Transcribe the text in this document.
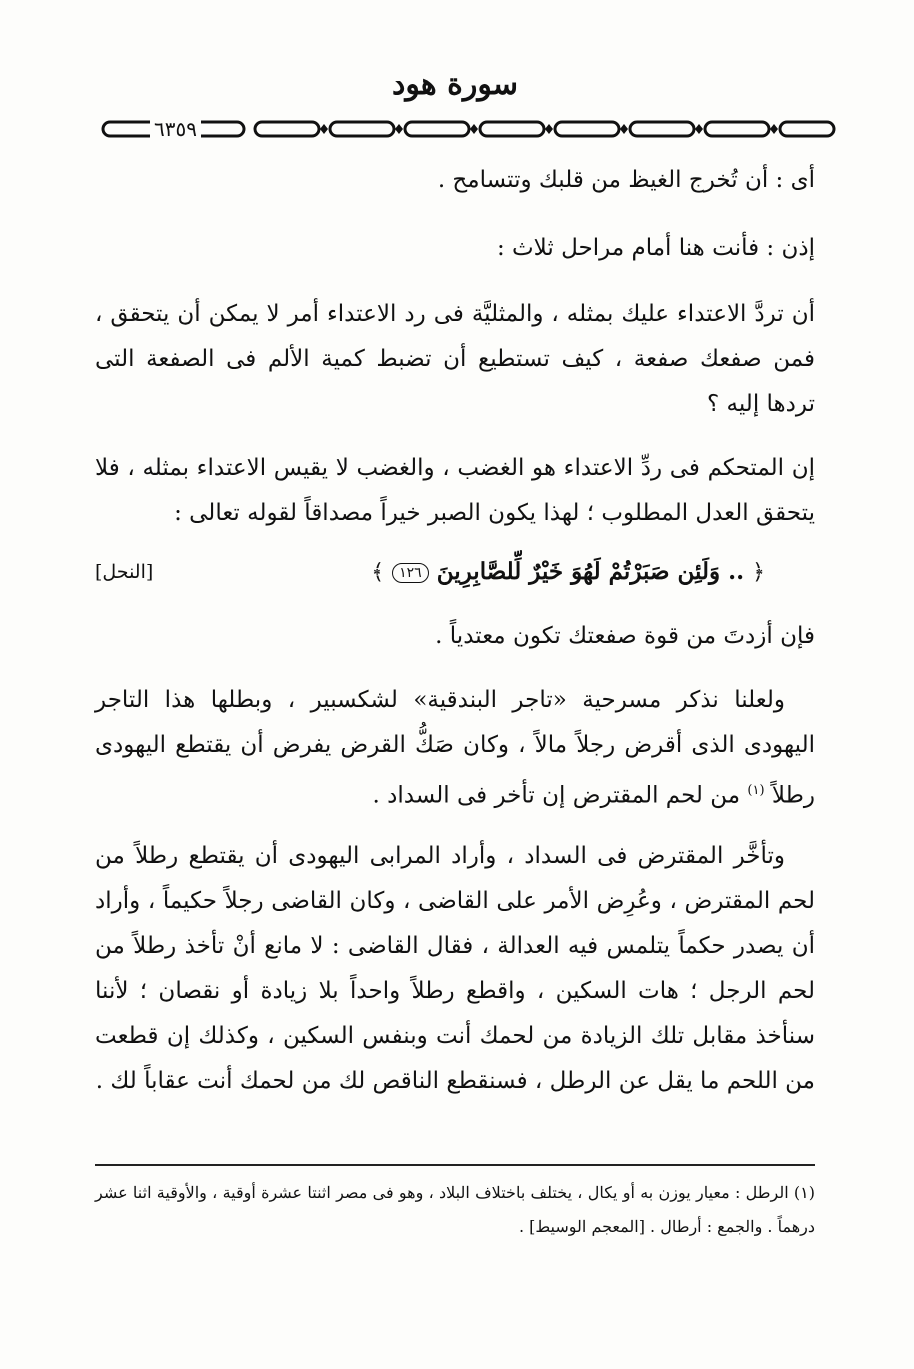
سورة هود
٦٣٥٩

أى : أن تُخرج الغيظ من قلبك وتتسامح .

إذن : فأنت هنا أمام مراحل ثلاث :

أن تردَّ الاعتداء عليك بمثله ، والمثليَّة فى رد الاعتداء أمر لا يمكن أن يتحقق ، فمن صفعك صفعة ، كيف تستطيع أن تضبط كمية الألم فى الصفعة التى تردها إليه ؟

إن المتحكم فى ردِّ الاعتداء هو الغضب ، والغضب لا يقيس الاعتداء بمثله ، فلا يتحقق العدل المطلوب ؛ لهذا يكون الصبر خيراً مصداقاً لقوله تعالى :

﴿ .. وَلَئِن صَبَرْتُمْ لَهُوَ خَيْرٌ لِّلصَّابِرِينَ ١٢٦ ﴾
[النحل]

فإن أزدتَ من قوة صفعتك تكون معتدياً .

ولعلنا نذكر مسرحية «تاجر البندقية» لشكسبير ، وبطلها هذا التاجر اليهودى الذى أقرض رجلاً مالاً ، وكان صَكُّ القرض يفرض أن يقتطع اليهودى رطلاً $^{(١)}$ من لحم المقترض إن تأخر فى السداد .

وتأخَّر المقترض فى السداد ، وأراد المرابى اليهودى أن يقتطع رطلاً من لحم المقترض ، وعُرِض الأمر على القاضى ، وكان القاضى رجلاً حكيماً ، وأراد أن يصدر حكماً يتلمس فيه العدالة ، فقال القاضى : لا مانع أنْ تأخذ رطلاً من لحم الرجل ؛ هات السكين ، واقطع رطلاً واحداً بلا زيادة أو نقصان ؛ لأننا سنأخذ مقابل تلك الزيادة من لحمك أنت وبنفس السكين ، وكذلك إن قطعت من اللحم ما يقل عن الرطل ، فسنقطع الناقص لك من لحمك أنت عقاباً لك .

(١) الرطل : معيار يوزن به أو يكال ، يختلف باختلاف البلاد ، وهو فى مصر اثنتا عشرة أوقية ، والأوقية اثنا عشر درهماً . والجمع : أرطال . [المعجم الوسيط] .
